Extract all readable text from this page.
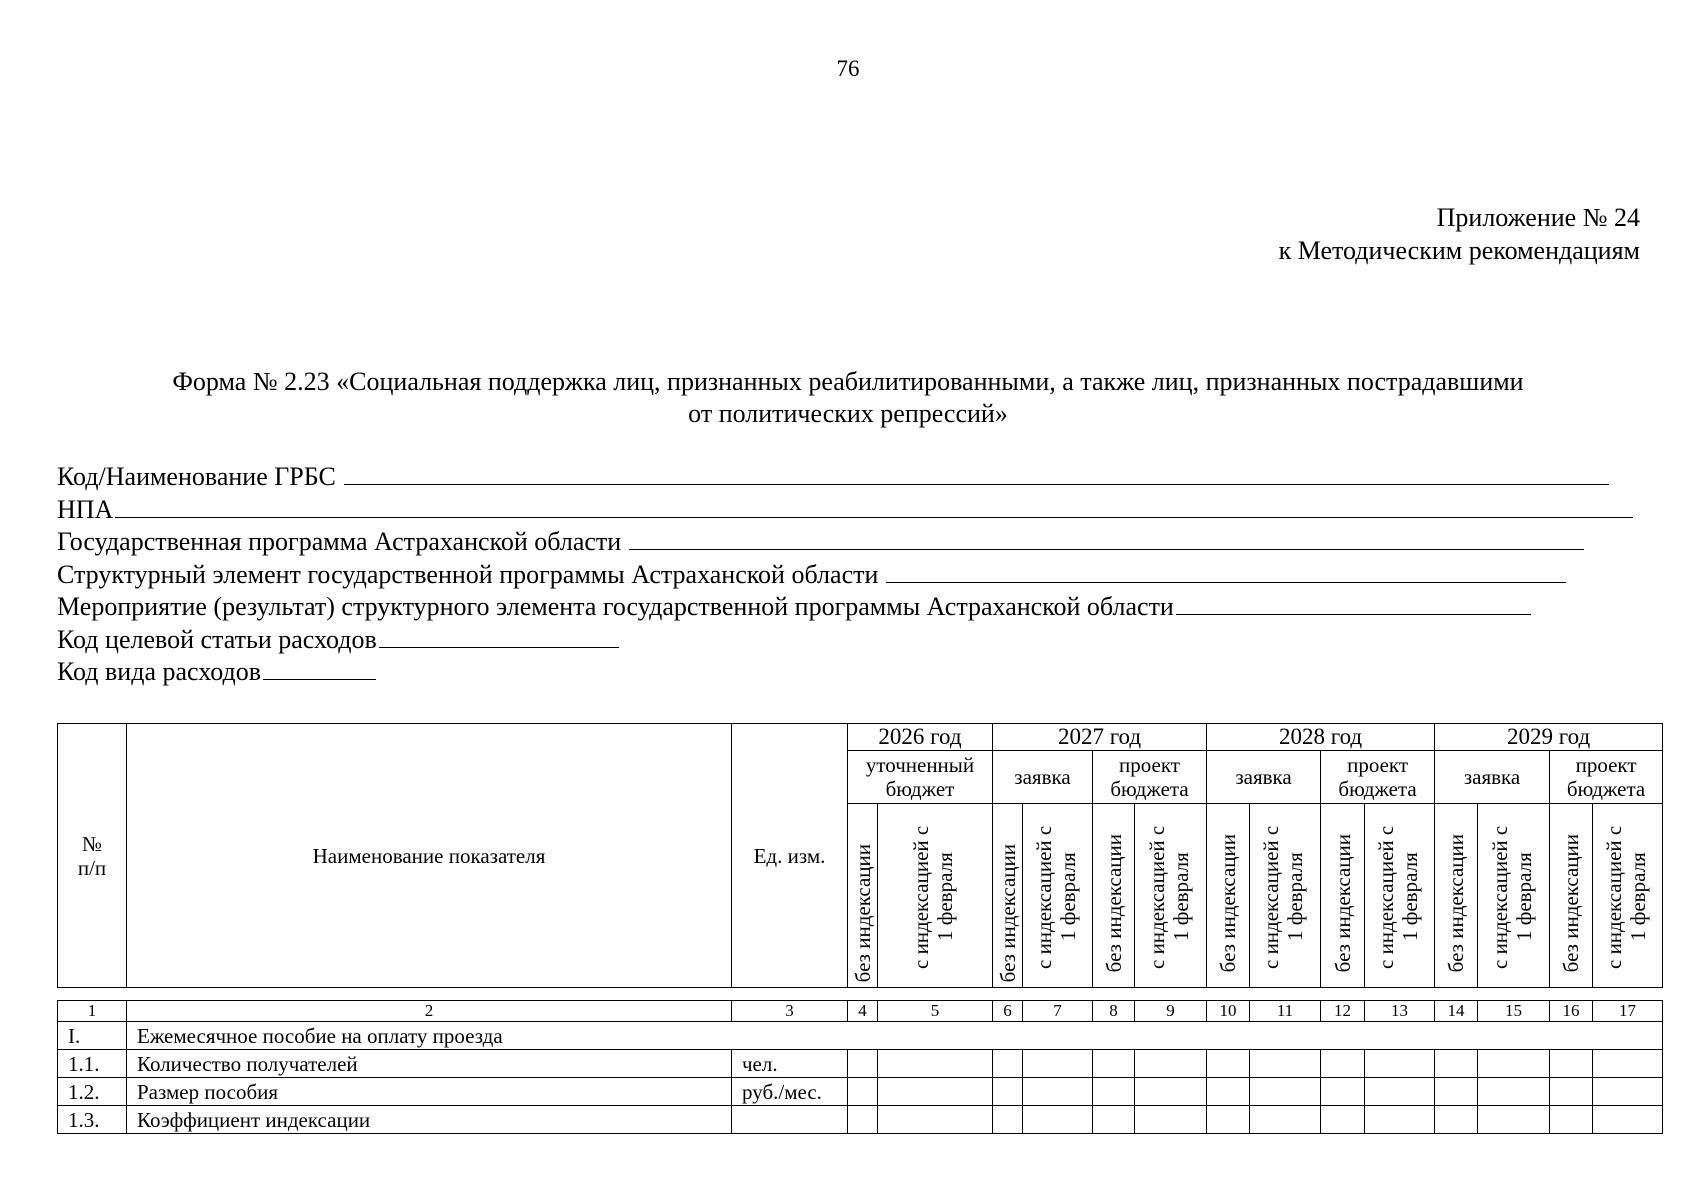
76
Приложение № 24
к Методическим рекомендациям
Форма № 2.23 «Социальная поддержка лиц, признанных реабилитированными, а также лиц, признанных пострадавшими
от политических репрессий»
Код/Наименование ГРБС
НПА
Государственная программа Астраханской области
Структурный элемент государственной программы Астраханской области
Мероприятие (результат) структурного элемента государственной программы Астраханской области
Код целевой статьи расходов
Код вида расходов
№ п/п	Наименование показателя	Ед. изм.	2026 год		2027 год				2028 год				2029 год			
			уточненный бюджет		заявка		проект бюджета		заявка		проект бюджета		заявка		проект бюджета	
			без индексации	с индексацией с 1 февраля	без индексации	с индексацией с 1 февраля	без индексации	с индексацией с 1 февраля	без индексации	с индексацией с 1 февраля	без индексации	с индексацией с 1 февраля	без индексации	с индексацией с 1 февраля	без индексации	с индексацией с 1 февраля
1	2	3	4	5	6	7	8	9	10	11	12	13	14	15	16	17
I.	Ежемесячное пособие на оплату проезда															
1.1.	Количество получателей	чел.														
1.2.	Размер пособия	руб./мес.														
1.3.	Коэффициент индексации															
